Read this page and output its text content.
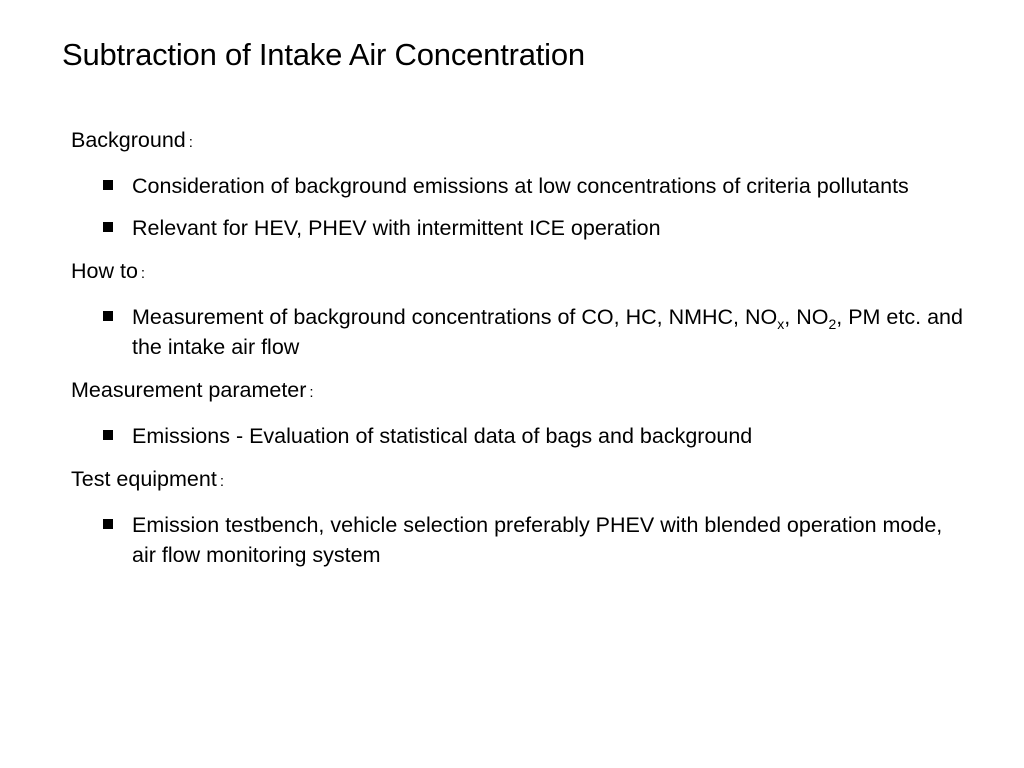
Subtraction of Intake Air Concentration
Background :
Consideration of background emissions at low concentrations of criteria pollutants
Relevant for HEV, PHEV with intermittent ICE operation
How to :
Measurement of background concentrations of CO, HC, NMHC, $NO_x$, $NO_2$, PM etc. and the intake air flow
Measurement parameter :
Emissions - Evaluation of statistical data of bags and background
Test equipment :
Emission testbench, vehicle selection preferably PHEV with blended operation mode, air flow monitoring system
